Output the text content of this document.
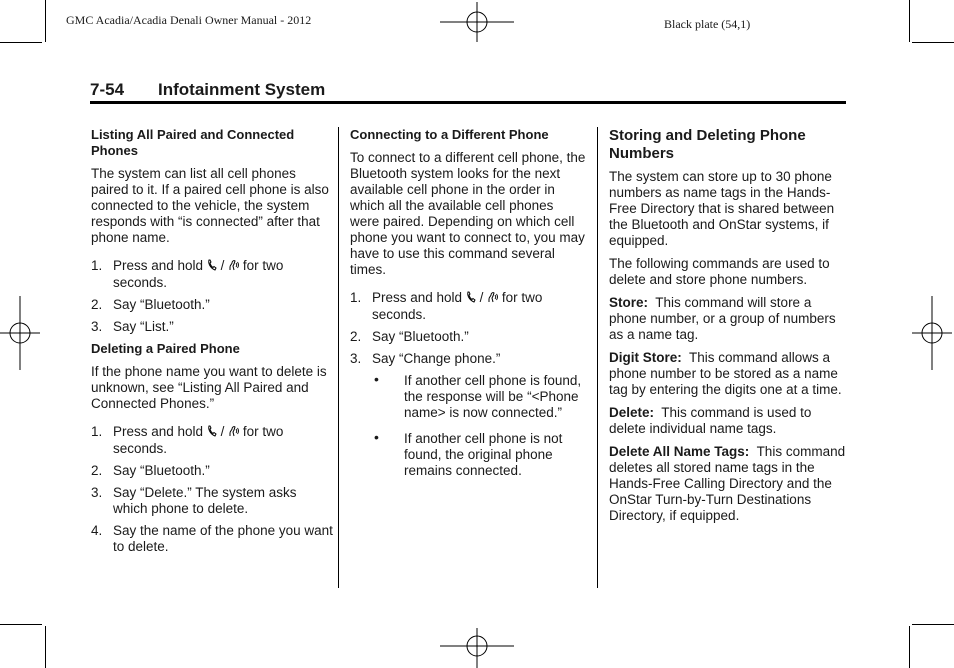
GMC Acadia/Acadia Denali Owner Manual - 2012	Black plate (54,1)
7-54 Infotainment System
Listing All Paired and Connected Phones

The system can list all cell phones paired to it. If a paired cell phone is also connected to the vehicle, the system responds with “is connected” after that phone name.

1. Press and hold / for two seconds.
2. Say “Bluetooth.”
3. Say “List.”
Deleting a Paired Phone

If the phone name you want to delete is unknown, see “Listing All Paired and Connected Phones.”

1. Press and hold / for two seconds.
2. Say “Bluetooth.”
3. Say “Delete.” The system asks which phone to delete.
4. Say the name of the phone you want to delete.
Connecting to a Different Phone

To connect to a different cell phone, the Bluetooth system looks for the next available cell phone in the order in which all the available cell phones were paired. Depending on which cell phone you want to connect to, you may have to use this command several times.

1. Press and hold / for two seconds.
2. Say “Bluetooth.”
3. Say “Change phone.”
• If another cell phone is found, the response will be “<Phone name> is now connected.”
• If another cell phone is not found, the original phone remains connected.
Storing and Deleting Phone Numbers

The system can store up to 30 phone numbers as name tags in the Hands-Free Directory that is shared between the Bluetooth and OnStar systems, if equipped.

The following commands are used to delete and store phone numbers.

Store: This command will store a phone number, or a group of numbers as a name tag.

Digit Store: This command allows a phone number to be stored as a name tag by entering the digits one at a time.

Delete: This command is used to delete individual name tags.

Delete All Name Tags: This command deletes all stored name tags in the Hands-Free Calling Directory and the OnStar Turn-by-Turn Destinations Directory, if equipped.
